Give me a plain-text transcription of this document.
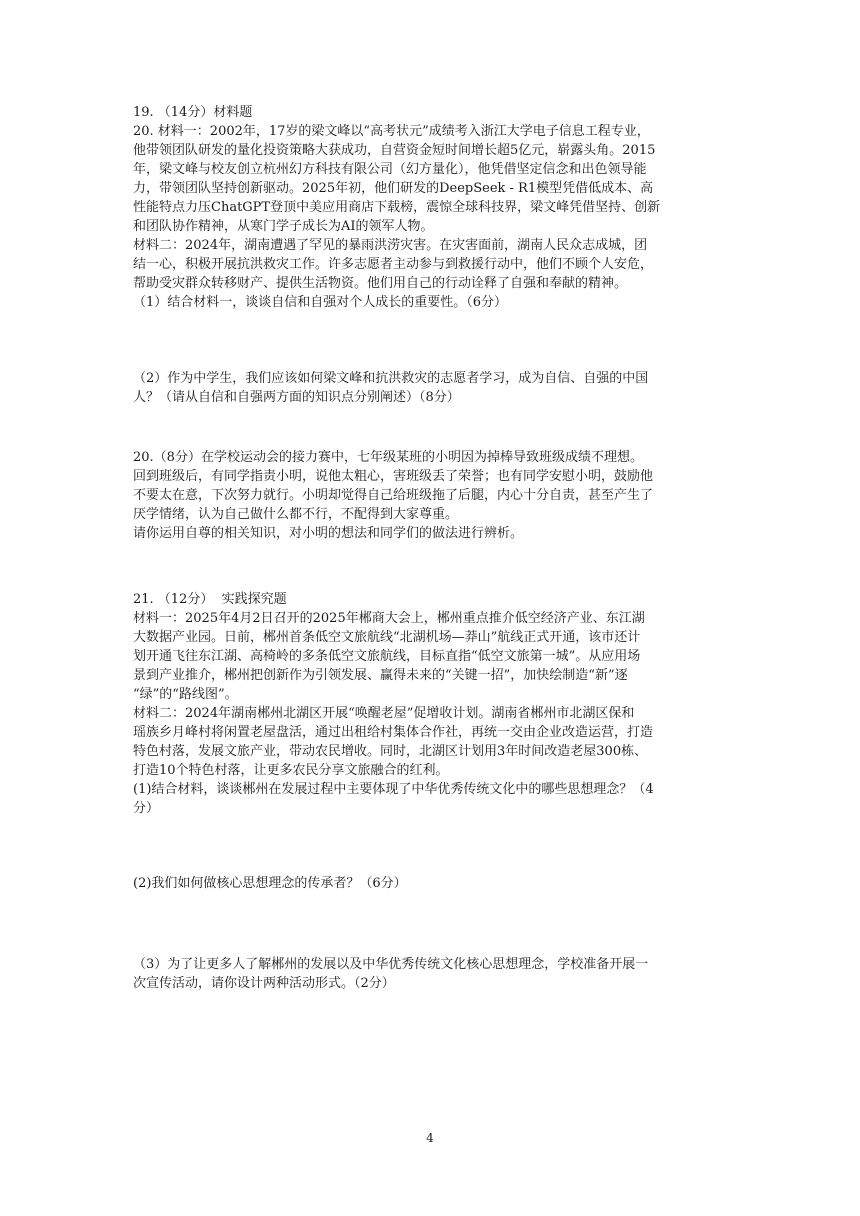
19. （14分）材料题
20. 材料一：2002年，17岁的梁文峰以“高考状元”成绩考入浙江大学电子信息工程专业，
他带领团队研发的量化投资策略大获成功，自营资金短时间增长超5亿元，崭露头角。2015
年，梁文峰与校友创立杭州幻方科技有限公司（幻方量化），他凭借坚定信念和出色领导能
力，带领团队坚持创新驱动。2025年初，他们研发的DeepSeek - R1模型凭借低成本、高
性能特点力压ChatGPT登顶中美应用商店下载榜，震惊全球科技界，梁文峰凭借坚持、创新
和团队协作精神，从寒门学子成长为AI的领军人物。
材料二：2024年，湖南遭遇了罕见的暴雨洪涝灾害。在灾害面前，湖南人民众志成城，团
结一心，积极开展抗洪救灾工作。许多志愿者主动参与到救援行动中，他们不顾个人安危，
帮助受灾群众转移财产、提供生活物资。他们用自己的行动诠释了自强和奉献的精神。
（1）结合材料一，谈谈自信和自强对个人成长的重要性。（6分）
（2）作为中学生，我们应该如何梁文峰和抗洪救灾的志愿者学习，成为自信、自强的中国
人？（请从自信和自强两方面的知识点分别阐述）（8分）
20.（8分）在学校运动会的接力赛中，七年级某班的小明因为掉棒导致班级成绩不理想。
回到班级后，有同学指责小明，说他太粗心，害班级丢了荣誉；也有同学安慰小明，鼓励他
不要太在意，下次努力就行。小明却觉得自己给班级拖了后腿，内心十分自责，甚至产生了
厌学情绪，认为自己做什么都不行，不配得到大家尊重。
请你运用自尊的相关知识，对小明的想法和同学们的做法进行辨析。
21. （12分）  实践探究题
材料一：2025年4月2日召开的2025年郴商大会上，郴州重点推介低空经济产业、东江湖
大数据产业园。日前，郴州首条低空文旅航线“北湖机场—莽山”航线正式开通，该市还计
划开通飞往东江湖、高椅岭的多条低空文旅航线，目标直指“低空文旅第一城”。从应用场
景到产业推介，郴州把创新作为引领发展、赢得未来的“关键一招”，加快绘制造“新”逐
“绿”的“路线图”。
材料二：2024年湖南郴州北湖区开展“唤醒老屋”促增收计划。湖南省郴州市北湖区保和
瑶族乡月峰村将闲置老屋盘活，通过出租给村集体合作社，再统一交由企业改造运营，打造
特色村落，发展文旅产业，带动农民增收。同时，北湖区计划用3年时间改造老屋300栋、
打造10个特色村落，让更多农民分享文旅融合的红利。
(1)结合材料，谈谈郴州在发展过程中主要体现了中华优秀传统文化中的哪些思想理念？（4
分）
(2)我们如何做核心思想理念的传承者？（6分）
（3）为了让更多人了解郴州的发展以及中华优秀传统文化核心思想理念，学校准备开展一
次宣传活动，请你设计两种活动形式。（2分）
4
